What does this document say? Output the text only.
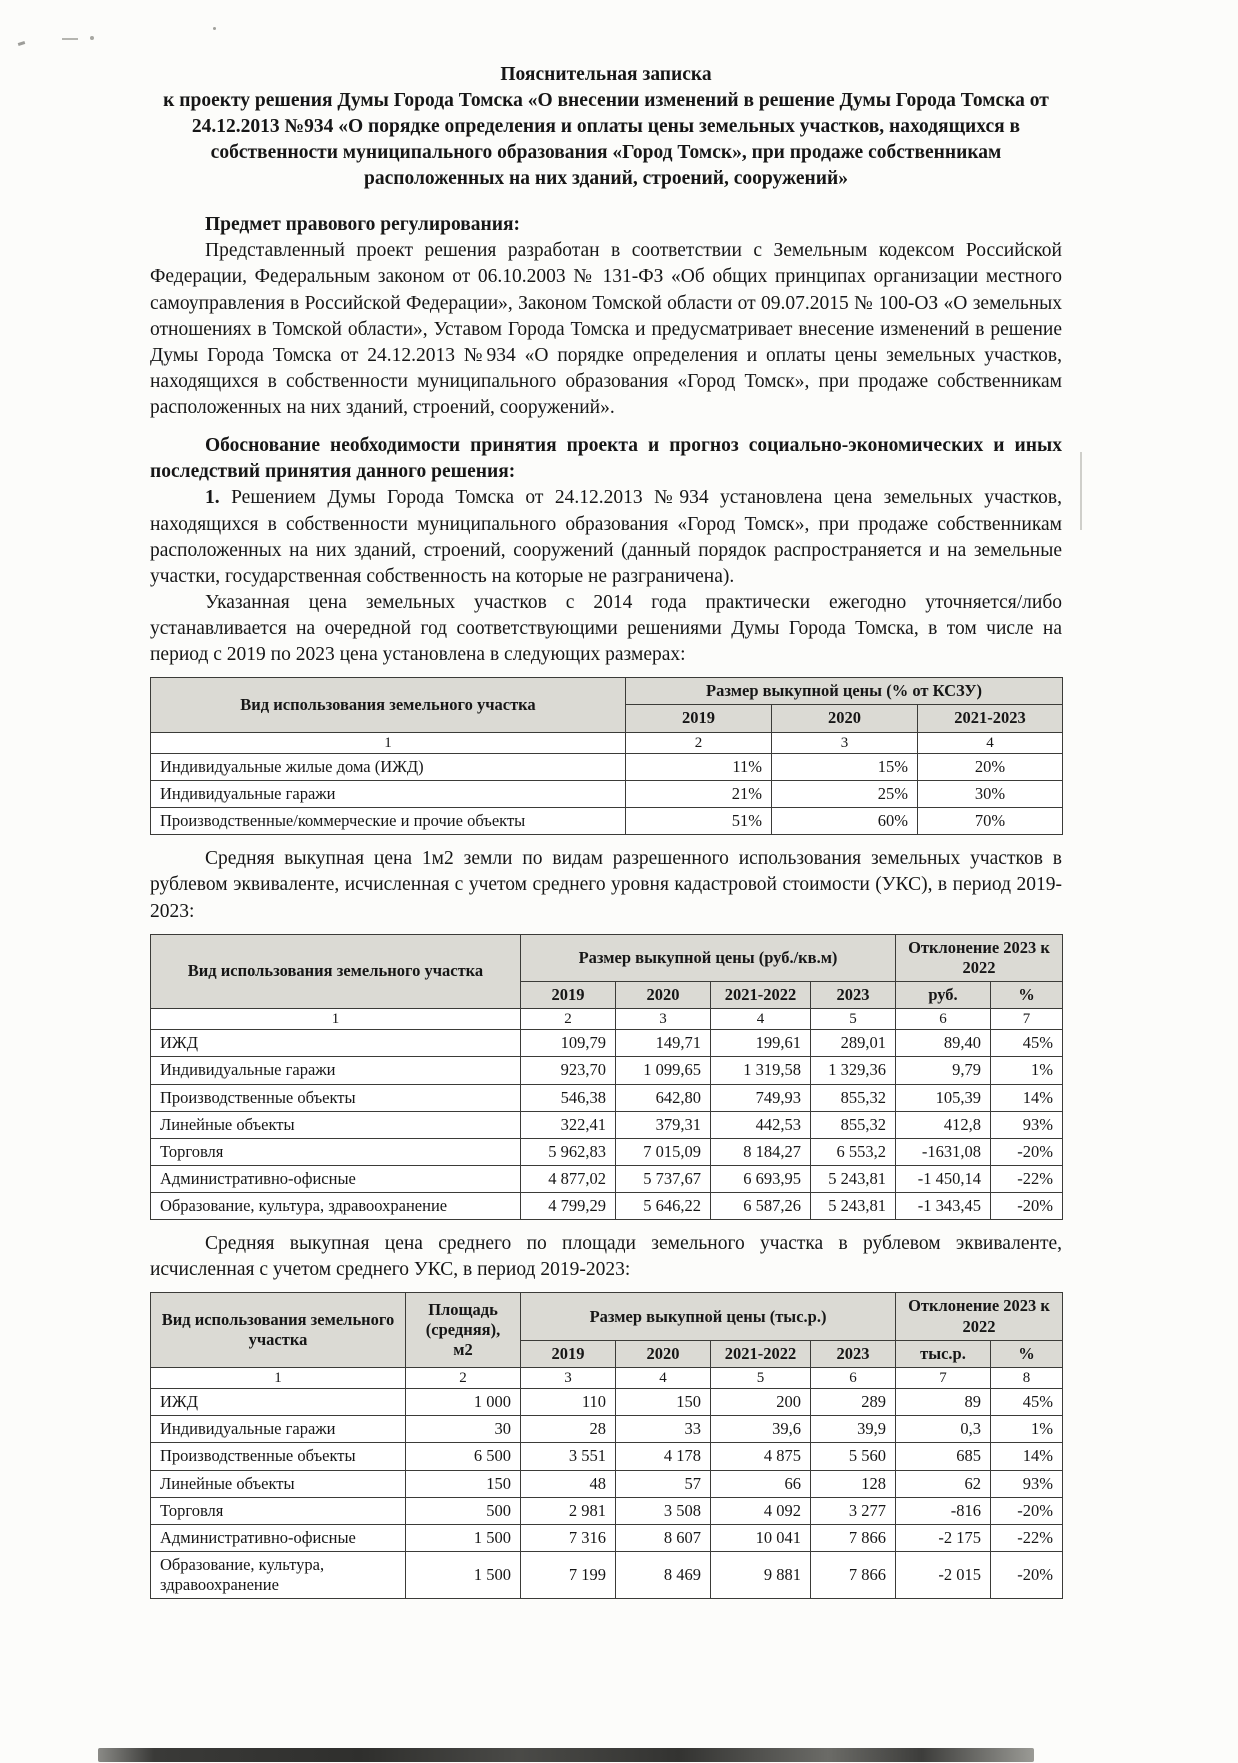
Пояснительная записка
к проекту решения Думы Города Томска «О внесении изменений в решение Думы Города Томска от 24.12.2013 №934 «О порядке определения и оплаты цены земельных участков, находящихся в собственности муниципального образования «Город Томск», при продаже собственникам расположенных на них зданий, строений, сооружений»

Предмет правового регулирования:

Представленный проект решения разработан в соответствии с Земельным кодексом Российской Федерации, Федеральным законом от 06.10.2003 № 131-ФЗ «Об общих принципах организации местного самоуправления в Российской Федерации», Законом Томской области от 09.07.2015 № 100-ОЗ «О земельных отношениях в Томской области», Уставом Города Томска и предусматривает внесение изменений в решение Думы Города Томска от 24.12.2013 №934 «О порядке определения и оплаты цены земельных участков, находящихся в собственности муниципального образования «Город Томск», при продаже собственникам расположенных на них зданий, строений, сооружений».

Обоснование необходимости принятия проекта и прогноз социально-экономических и иных последствий принятия данного решения:

1. Решением Думы Города Томска от 24.12.2013 №934 установлена цена земельных участков, находящихся в собственности муниципального образования «Город Томск», при продаже собственникам расположенных на них зданий, строений, сооружений (данный порядок распространяется и на земельные участки, государственная собственность на которые не разграничена).

Указанная цена земельных участков с 2014 года практически ежегодно уточняется/либо устанавливается на очередной год соответствующими решениями Думы Города Томска, в том числе на период с 2019 по 2023 цена установлена в следующих размерах:

Вид использования земельного участка	Размер выкупной цены (% от КСЗУ)		
	2019	2020	2021-2023
1	2	3	4
Индивидуальные жилые дома (ИЖД)	11%	15%	20%
Индивидуальные гаражи	21%	25%	30%
Производственные/коммерческие и прочие объекты	51%	60%	70%

Средняя выкупная цена 1м2 земли по видам разрешенного использования земельных участков в рублевом эквиваленте, исчисленная с учетом среднего уровня кадастровой стоимости (УКС), в период 2019-2023:

Вид использования земельного участка	Размер выкупной цены (руб./кв.м)				Отклонение 2023 к 2022	
	2019	2020	2021-2022	2023	руб.	%
1	2	3	4	5	6	7
ИЖД	109,79	149,71	199,61	289,01	89,40	45%
Индивидуальные гаражи	923,70	1 099,65	1 319,58	1 329,36	9,79	1%
Производственные объекты	546,38	642,80	749,93	855,32	105,39	14%
Линейные объекты	322,41	379,31	442,53	855,32	412,8	93%
Торговля	5 962,83	7 015,09	8 184,27	6 553,2	-1631,08	-20%
Административно-офисные	4 877,02	5 737,67	6 693,95	5 243,81	-1 450,14	-22%
Образование, культура, здравоохранение	4 799,29	5 646,22	6 587,26	5 243,81	-1 343,45	-20%

Средняя выкупная цена среднего по площади земельного участка в рублевом эквиваленте, исчисленная с учетом среднего УКС, в период 2019-2023:

Вид использования земельного участка	Площадь (средняя), м2	Размер выкупной цены (тыс.р.)				Отклонение 2023 к 2022	
		2019	2020	2021-2022	2023	тыс.р.	%
1	2	3	4	5	6	7	8
ИЖД	1 000	110	150	200	289	89	45%
Индивидуальные гаражи	30	28	33	39,6	39,9	0,3	1%
Производственные объекты	6 500	3 551	4 178	4 875	5 560	685	14%
Линейные объекты	150	48	57	66	128	62	93%
Торговля	500	2 981	3 508	4 092	3 277	-816	-20%
Административно-офисные	1 500	7 316	8 607	10 041	7 866	-2 175	-22%
Образование, культура, здравоохранение	1 500	7 199	8 469	9 881	7 866	-2 015	-20%
